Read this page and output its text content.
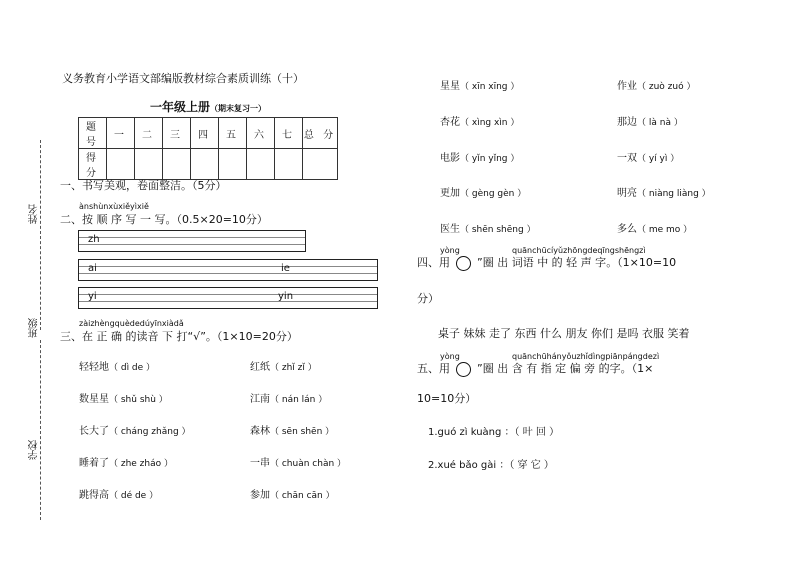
姓名
班级
学校
义务教育小学语文部编版教材综合素质训练（十）
一年级上册（期末复习一）
题 号	一	二	三	四	五	六	七	总 分
得 分								
一、书写美观，卷面整洁。（5分）
ànshùnxùxiěyìxiě
二、按 顺 序 写 一 写。（0.5×20=10分）
zh
ai	ie
yi	yin
zàizhèngquèdedúyīnxiàdǎ
三、在 正 确 的读音 下 打“√”。（1×10=20分）
轻轻地（ dì de ）	红纸（ zhǐ zǐ ）
数星星（ shǔ shù ）	江南（ nán lán ）
长大了（ cháng zhǎng ）	森林（ sēn shēn ）
睡着了（ zhe zháo ）	一串（ chuàn chàn ）
跳得高（ dé de ）	参加（ chān cān ）
星星（ xīn xīng ）	作业（ zuò zuó ）
杏花（ xìng xìn ）	那边（ là nà ）
电影（ yǐn yǐng ）	一双（ yí yì ）
更加（ gèng gèn ）	明亮（ niàng liàng ）
医生（ shēn shēng ）	多么（ me mo ）
yòng	quānchūcíyǔzhōngdeqīngshēngzì
四、用 ”圈 出 词语 中 的 轻 声 字。（1×10=10
分）
桌子 妹妹 走了 东西 什么 朋友 你们 是吗 衣服 笑着
yòng	quānchūhányǒuzhǐdìngpiānpángdezì
五、用 ”圈 出 含 有 指 定 偏 旁 的字。（1×
10=10分）
1.guó zì kuàng ：（ 叶 回 ）
2.xué bǎo gài ：（ 穿 它 ）
